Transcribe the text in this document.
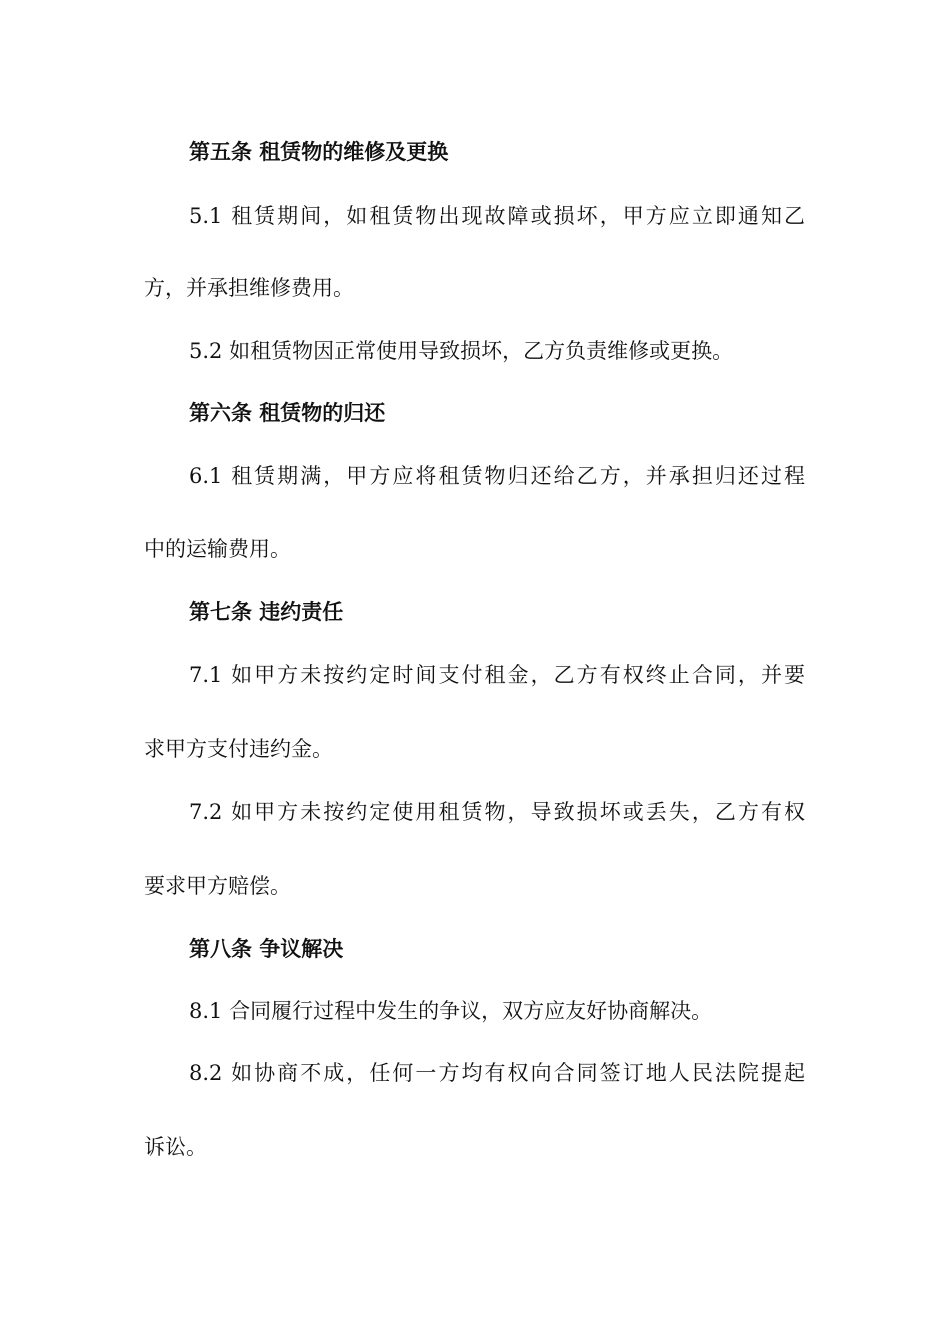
第五条 租赁物的维修及更换
5.1 租赁期间，如租赁物出现故障或损坏，甲方应立即通知乙
方，并承担维修费用。
5.2 如租赁物因正常使用导致损坏，乙方负责维修或更换。
第六条 租赁物的归还
6.1 租赁期满，甲方应将租赁物归还给乙方，并承担归还过程
中的运输费用。
第七条 违约责任
7.1 如甲方未按约定时间支付租金，乙方有权终止合同，并要
求甲方支付违约金。
7.2 如甲方未按约定使用租赁物，导致损坏或丢失，乙方有权
要求甲方赔偿。
第八条 争议解决
8.1 合同履行过程中发生的争议，双方应友好协商解决。
8.2 如协商不成，任何一方均有权向合同签订地人民法院提起
诉讼。
